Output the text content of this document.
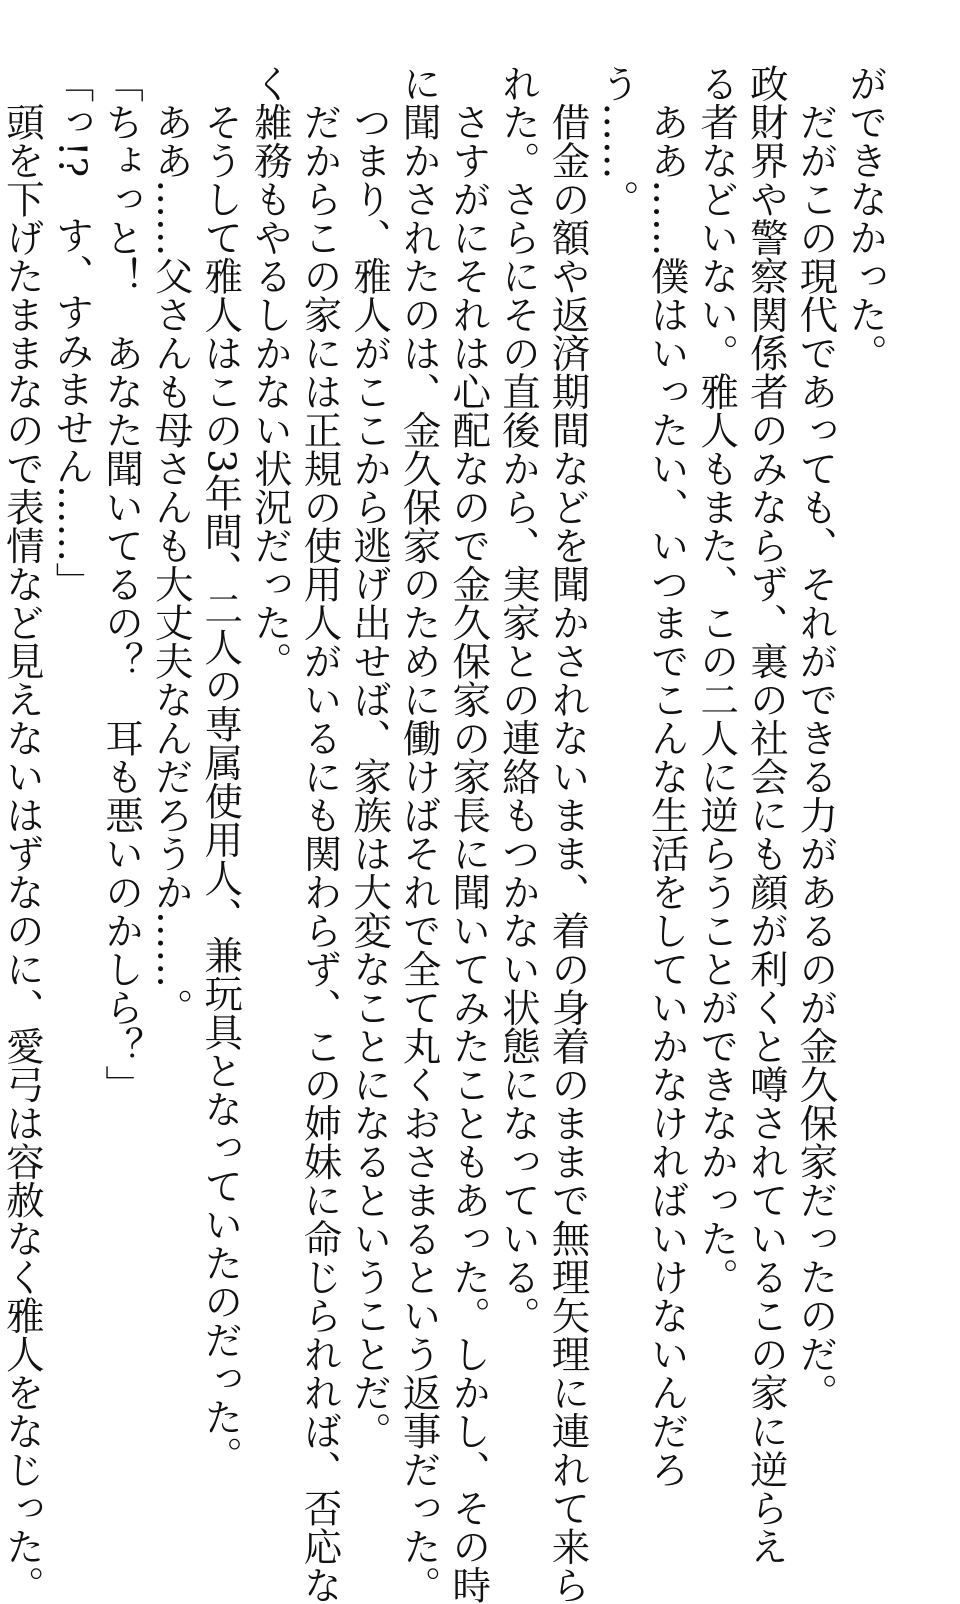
ができなかった。
　だがこの現代であっても、それができる力があるのが金久保家だったのだ。
政財界や警察関係者のみならず、裏の社会にも顔が利くと噂されているこの家に逆らえ
る者などいない。雅人もまた、この二人に逆らうことができなかった。
　ああ……僕はいったい、いつまでこんな生活をしていかなければいけないんだろ
う……。
　借金の額や返済期間などを聞かされないまま、着の身着のままで無理矢理に連れて来ら
れた。さらにその直後から、実家との連絡もつかない状態になっている。
　さすがにそれは心配なので金久保家の家長に聞いてみたこともあった。しかし、その時
に聞かされたのは、金久保家のために働けばそれで全て丸くおさまるという返事だった。
　つまり、雅人がここから逃げ出せば、家族は大変なことになるということだ。
　だからこの家には正規の使用人がいるにも関わらず、この姉妹に命じられれば、否応な
く雑務もやるしかない状況だった。
　そうして雅人はこの3年間、二人の専属使用人、兼玩具となっていたのだった。
　ああ……父さんも母さんも大丈夫なんだろうか……。
「ちょっと！　あなた聞いてるの？　耳も悪いのかしら？」
「っ!?　す、すみません……」
　頭を下げたままなので表情など見えないはずなのに、愛弓は容赦なく雅人をなじった。
